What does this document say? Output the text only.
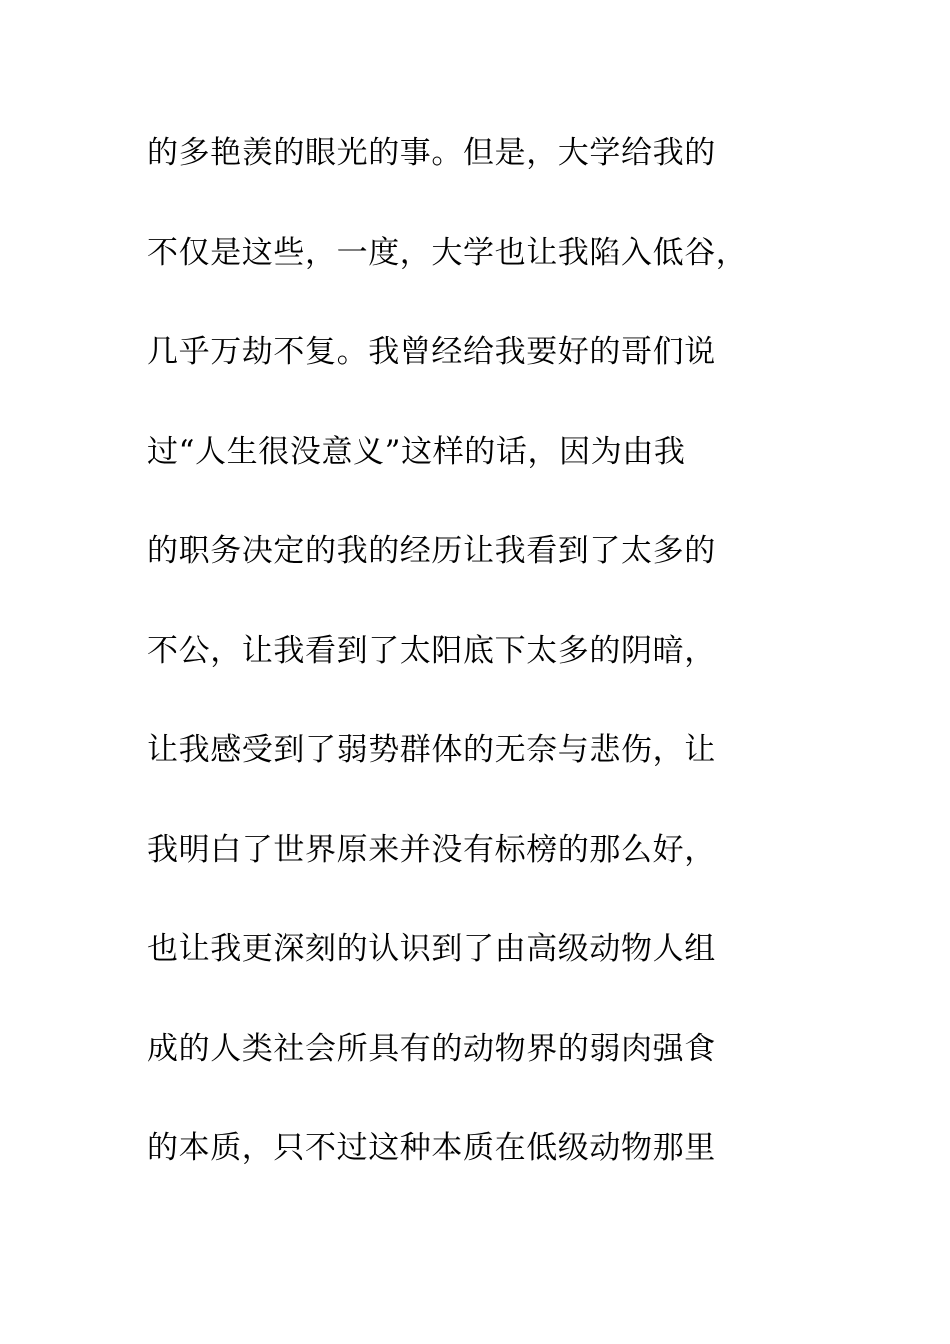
的多艳羡的眼光的事。但是，大学给我的
不仅是这些，一度，大学也让我陷入低谷，
几乎万劫不复。我曾经给我要好的哥们说
过“人生很没意义”这样的话，因为由我
的职务决定的我的经历让我看到了太多的
不公，让我看到了太阳底下太多的阴暗，
让我感受到了弱势群体的无奈与悲伤，让
我明白了世界原来并没有标榜的那么好，
也让我更深刻的认识到了由高级动物人组
成的人类社会所具有的动物界的弱肉强食
的本质，只不过这种本质在低级动物那里
